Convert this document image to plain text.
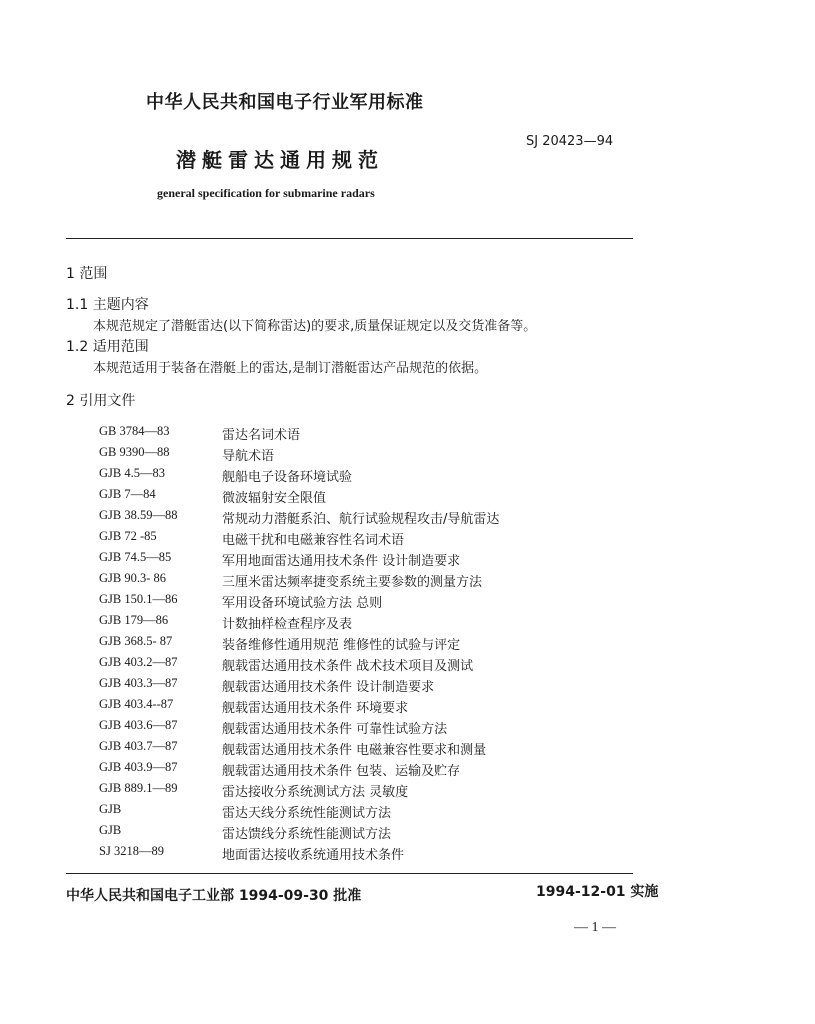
中华人民共和国电子行业军用标准
SJ 20423—94
潜艇雷达通用规范
general specification for submarine radars
1 范围
1.1 主题内容
本规范规定了潜艇雷达(以下简称雷达)的要求,质量保证规定以及交货准备等。
1.2 适用范围
本规范适用于装备在潜艇上的雷达,是制订潜艇雷达产品规范的依据。
2 引用文件
GB 3784—83	雷达名词术语
GB 9390—88	导航术语
GJB 4.5—83	舰船电子设备环境试验
GJB 7—84	微波辐射安全限值
GJB 38.59—88	常规动力潜艇系泊、航行试验规程攻击/导航雷达
GJB 72 -85	电磁干扰和电磁兼容性名词术语
GJB 74.5—85	军用地面雷达通用技术条件 设计制造要求
GJB 90.3- 86	三厘米雷达频率捷变系统主要参数的测量方法
GJB 150.1—86	军用设备环境试验方法 总则
GJB 179—86	计数抽样检查程序及表
GJB 368.5- 87	装备维修性通用规范 维修性的试验与评定
GJB 403.2—87	舰载雷达通用技术条件 战术技术项目及测试
GJB 403.3—87	舰载雷达通用技术条件 设计制造要求
GJB 403.4--87	舰载雷达通用技术条件 环境要求
GJB 403.6—87	舰载雷达通用技术条件 可靠性试验方法
GJB 403.7—87	舰载雷达通用技术条件 电磁兼容性要求和测量
GJB 403.9—87	舰载雷达通用技术条件 包装、运输及贮存
GJB 889.1—89	雷达接收分系统测试方法 灵敏度
GJB	雷达天线分系统性能测试方法
GJB	雷达馈线分系统性能测试方法
SJ 3218—89	地面雷达接收系统通用技术条件
中华人民共和国电子工业部 1994-09-30 批准	1994-12-01 实施
— 1 —
